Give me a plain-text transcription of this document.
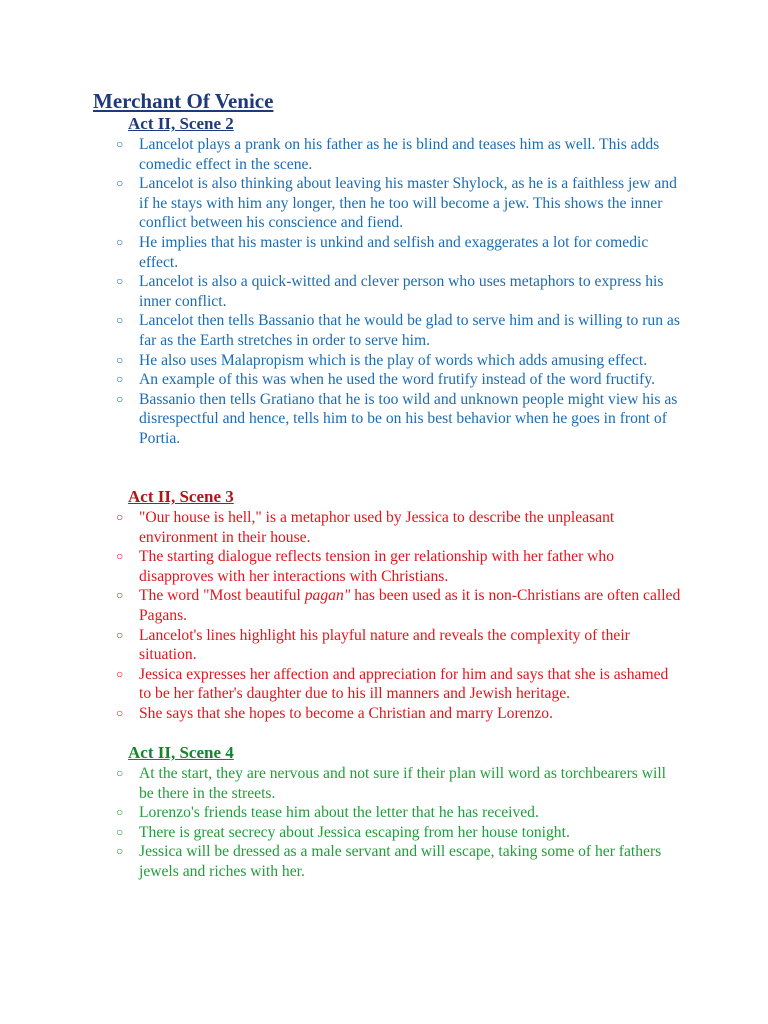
Merchant Of Venice
Act II, Scene 2
○ Lancelot plays a prank on his father as he is blind and teases him as well. This adds comedic effect in the scene.
○ Lancelot is also thinking about leaving his master Shylock, as he is a faithless jew and if he stays with him any longer, then he too will become a jew. This shows the inner conflict between his conscience and fiend.
○ He implies that his master is unkind and selfish and exaggerates a lot for comedic effect.
○ Lancelot is also a quick-witted and clever person who uses metaphors to express his inner conflict.
○ Lancelot then tells Bassanio that he would be glad to serve him and is willing to run as far as the Earth stretches in order to serve him.
○ He also uses Malapropism which is the play of words which adds amusing effect.
○ An example of this was when he used the word frutify instead of the word fructify.
○ Bassanio then tells Gratiano that he is too wild and unknown people might view his as disrespectful and hence, tells him to be on his best behavior when he goes in front of Portia.
Act II, Scene 3
○ "Our house is hell," is a metaphor used by Jessica to describe the unpleasant environment in their house.
○ The starting dialogue reflects tension in ger relationship with her father who disapproves with her interactions with Christians.
○ The word "Most beautiful pagan" has been used as it is non-Christians are often called Pagans.
○ Lancelot's lines highlight his playful nature and reveals the complexity of their situation.
○ Jessica expresses her affection and appreciation for him and says that she is ashamed to be her father's daughter due to his ill manners and Jewish heritage.
○ She says that she hopes to become a Christian and marry Lorenzo.
Act II, Scene 4
○ At the start, they are nervous and not sure if their plan will word as torchbearers will be there in the streets.
○ Lorenzo's friends tease him about the letter that he has received.
○ There is great secrecy about Jessica escaping from her house tonight.
○ Jessica will be dressed as a male servant and will escape, taking some of her fathers jewels and riches with her.
